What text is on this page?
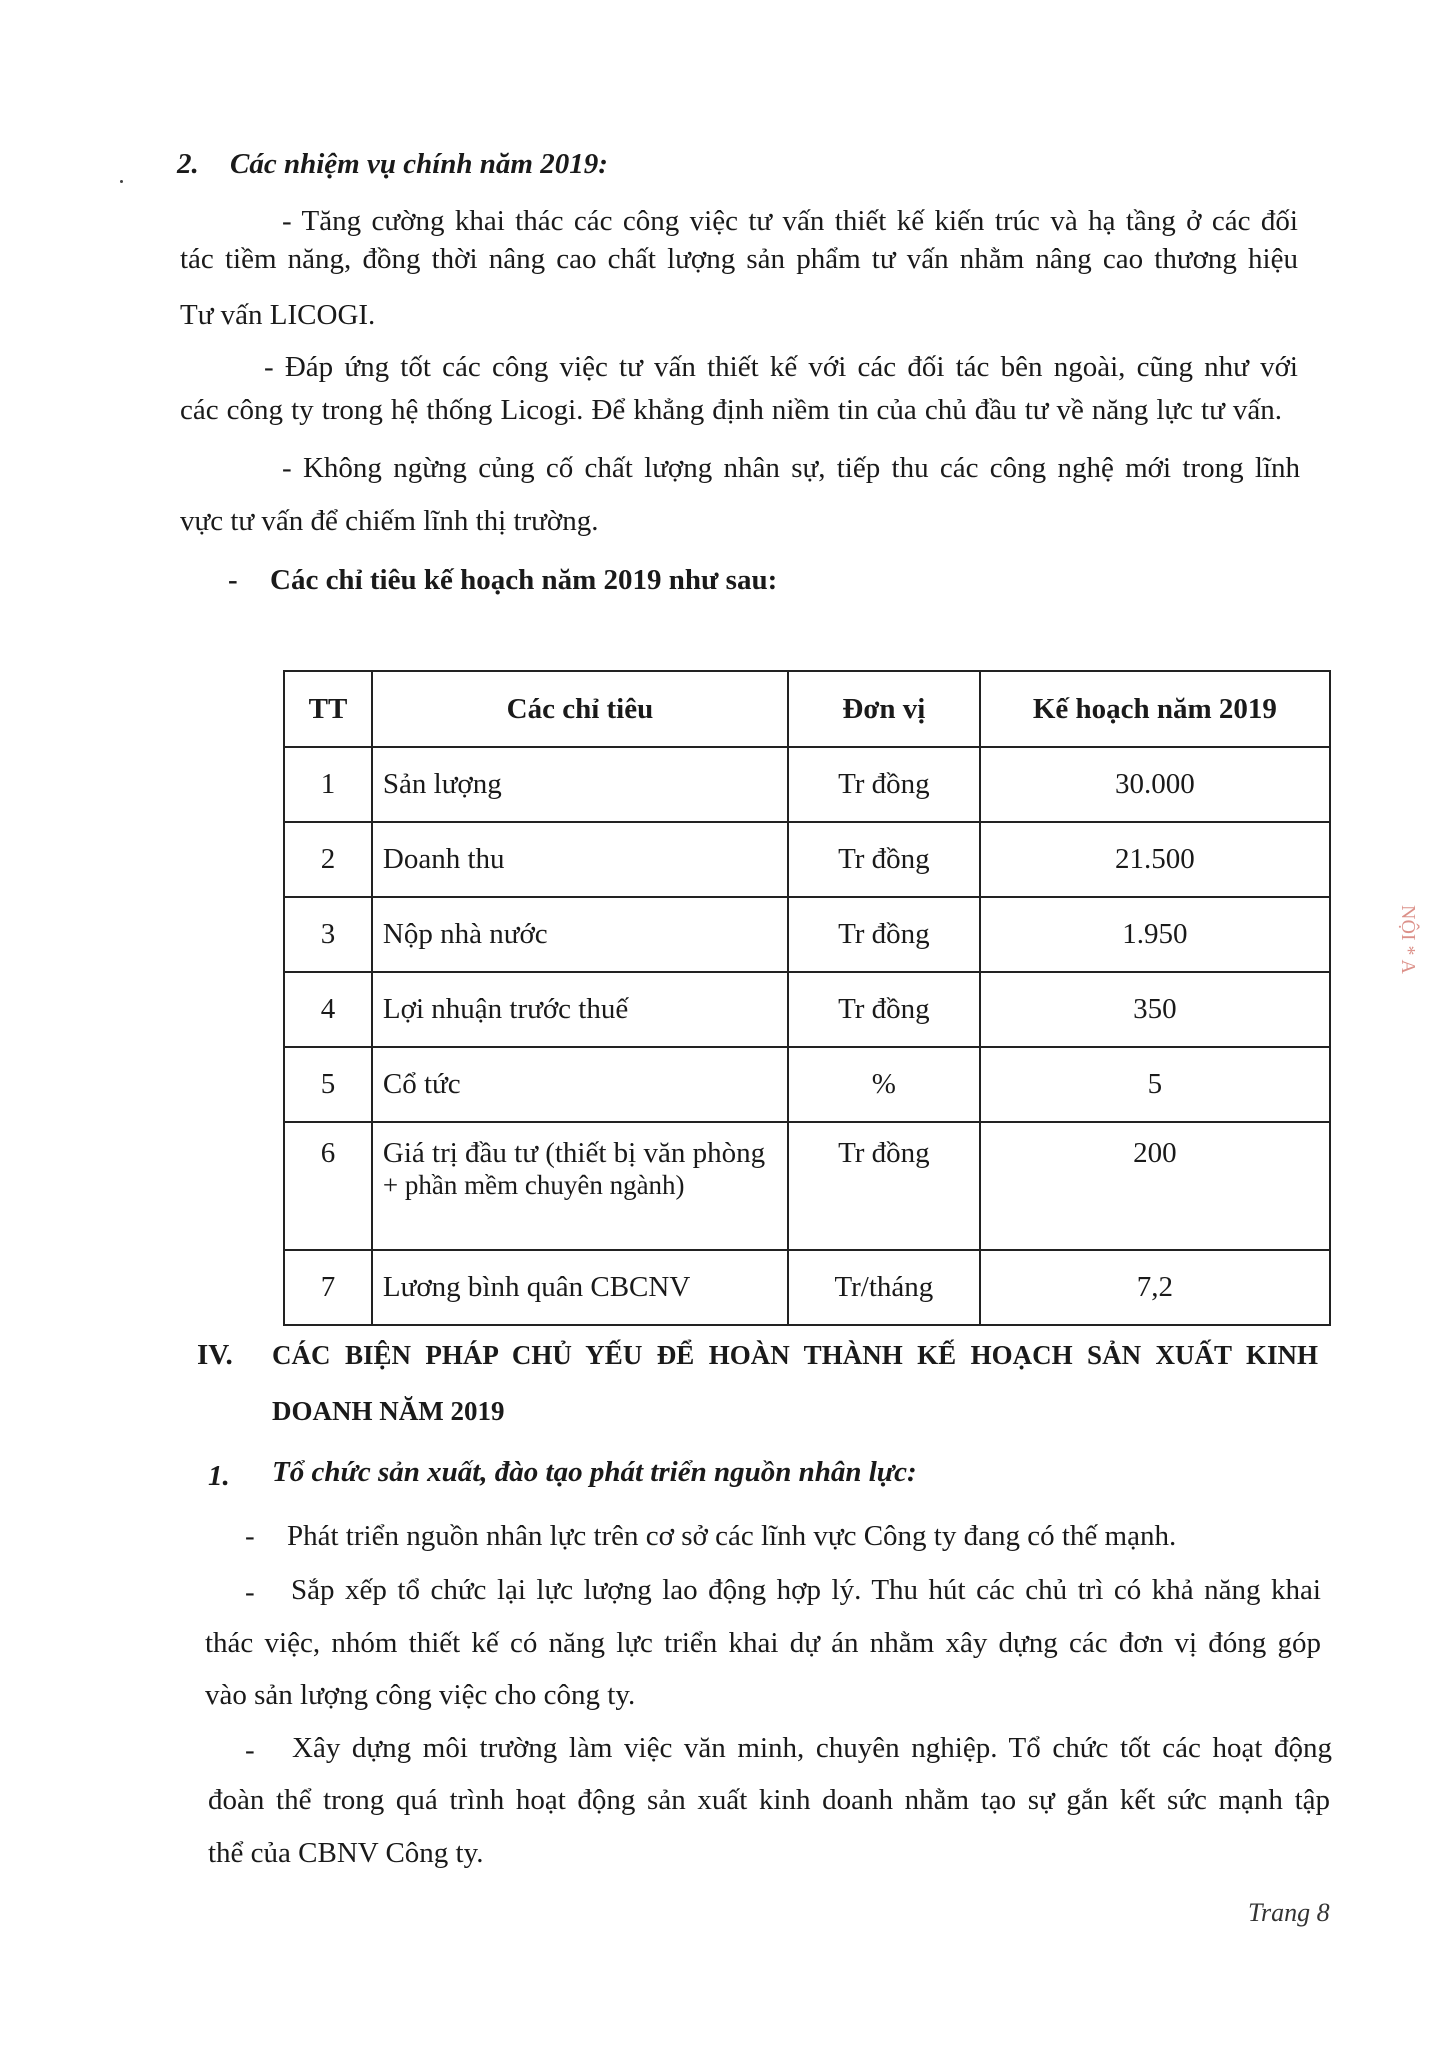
2. Các nhiệm vụ chính năm 2019:
- Tăng cường khai thác các công việc tư vấn thiết kế kiến trúc và hạ tầng ở các đối
tác tiềm năng, đồng thời nâng cao chất lượng sản phẩm tư vấn nhằm nâng cao thương hiệu
Tư vấn LICOGI.
- Đáp ứng tốt các công việc tư vấn thiết kế với các đối tác bên ngoài, cũng như với
các công ty trong hệ thống Licogi. Để khẳng định niềm tin của chủ đầu tư về năng lực tư vấn.
- Không ngừng củng cố chất lượng nhân sự, tiếp thu các công nghệ mới trong lĩnh
vực tư vấn để chiếm lĩnh thị trường.
- Các chỉ tiêu kế hoạch năm 2019 như sau:
TT	Các chỉ tiêu	Đơn vị	Kế hoạch năm 2019
1	Sản lượng	Tr đồng	30.000
2	Doanh thu	Tr đồng	21.500
3	Nộp nhà nước	Tr đồng	1.950
4	Lợi nhuận trước thuế	Tr đồng	350
5	Cổ tức	%	5
6	Giá trị đầu tư (thiết bị văn phòng
+ phần mềm chuyên ngành)	Tr đồng	200
7	Lương bình quân CBCNV	Tr/tháng	7,2
IV. CÁC BIỆN PHÁP CHỦ YẾU ĐỂ HOÀN THÀNH KẾ HOẠCH SẢN XUẤT KINH
DOANH NĂM 2019
1. Tổ chức sản xuất, đào tạo phát triển nguồn nhân lực:
- Phát triển nguồn nhân lực trên cơ sở các lĩnh vực Công ty đang có thế mạnh.
- Sắp xếp tổ chức lại lực lượng lao động hợp lý. Thu hút các chủ trì có khả năng khai
thác việc, nhóm thiết kế có năng lực triển khai dự án nhằm xây dựng các đơn vị đóng góp
vào sản lượng công việc cho công ty.
- Xây dựng môi trường làm việc văn minh, chuyên nghiệp. Tổ chức tốt các hoạt động
đoàn thể trong quá trình hoạt động sản xuất kinh doanh nhằm tạo sự gắn kết sức mạnh tập
thể của CBNV Công ty.
Trang 8
NỘI * A
